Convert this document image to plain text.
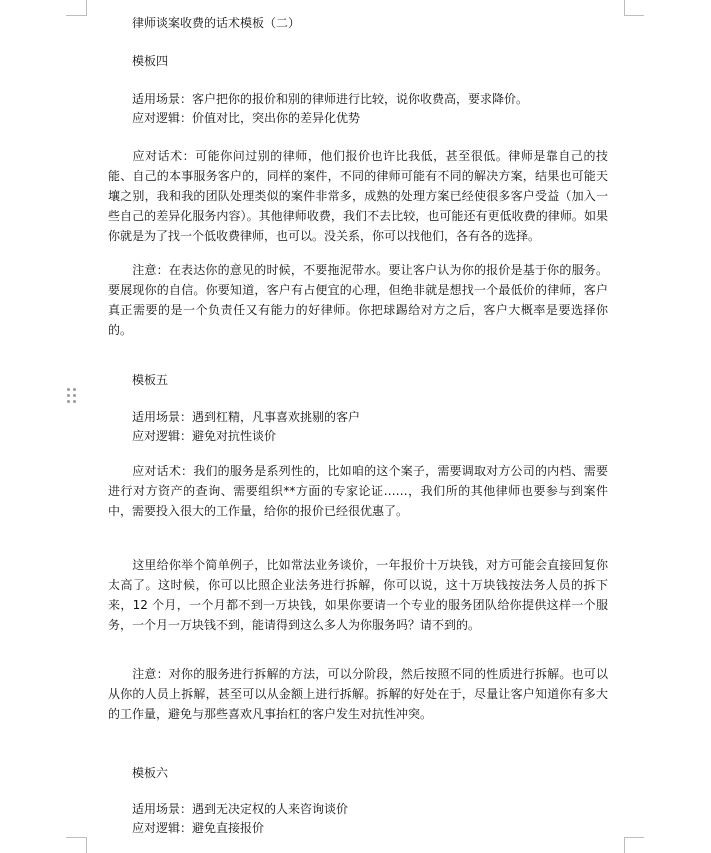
律师谈案收费的话术模板（二）
模板四
适用场景：客户把你的报价和别的律师进行比较，说你收费高，要求降价。
应对逻辑：价值对比，突出你的差异化优势
应对话术：可能你问过别的律师，他们报价也许比我低，甚至很低。律师是靠自己的技能、自己的本事服务客户的，同样的案件，不同的律师可能有不同的解决方案，结果也可能天壤之别，我和我的团队处理类似的案件非常多，成熟的处理方案已经使很多客户受益（加入一些自己的差异化服务内容）。其他律师收费，我们不去比较，也可能还有更低收费的律师。如果你就是为了找一个低收费律师，也可以。没关系，你可以找他们，各有各的选择。
注意：在表达你的意见的时候，不要拖泥带水。要让客户认为你的报价是基于你的服务。要展现你的自信。你要知道，客户有占便宜的心理，但绝非就是想找一个最低价的律师，客户真正需要的是一个负责任又有能力的好律师。你把球踢给对方之后，客户大概率是要选择你的。
模板五
适用场景：遇到杠精，凡事喜欢挑剔的客户
应对逻辑：避免对抗性谈价
应对话术：我们的服务是系列性的，比如咱的这个案子，需要调取对方公司的内档、需要进行对方资产的查询、需要组织**方面的专家论证……，我们所的其他律师也要参与到案件中，需要投入很大的工作量，给你的报价已经很优惠了。
这里给你举个简单例子，比如常法业务谈价，一年报价十万块钱，对方可能会直接回复你太高了。这时候，你可以比照企业法务进行拆解，你可以说，这十万块钱按法务人员的拆下来，12 个月，一个月都不到一万块钱，如果你要请一个专业的服务团队给你提供这样一个服务，一个月一万块钱不到，能请得到这么多人为你服务吗？请不到的。
注意：对你的服务进行拆解的方法，可以分阶段，然后按照不同的性质进行拆解。也可以从你的人员上拆解，甚至可以从金额上进行拆解。拆解的好处在于，尽量让客户知道你有多大的工作量，避免与那些喜欢凡事抬杠的客户发生对抗性冲突。
模板六
适用场景：遇到无决定权的人来咨询谈价
应对逻辑：避免直接报价
